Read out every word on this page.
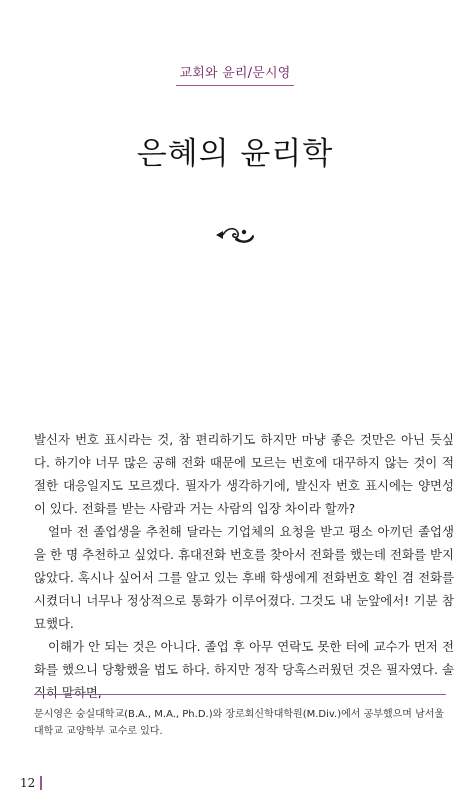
교회와 윤리/문시영
은혜의 윤리학

발신자 번호 표시라는 것, 참 편리하기도 하지만 마냥 좋은 것만은 아닌 듯싶다. 하기야 너무 많은 공해 전화 때문에 모르는 번호에 대꾸하지 않는 것이 적절한 대응일지도 모르겠다. 필자가 생각하기에, 발신자 번호 표시에는 양면성이 있다. 전화를 받는 사람과 거는 사람의 입장 차이라 할까?

얼마 전 졸업생을 추천해 달라는 기업체의 요청을 받고 평소 아끼던 졸업생을 한 명 추천하고 싶었다. 휴대전화 번호를 찾아서 전화를 했는데 전화를 받지 않았다. 혹시나 싶어서 그를 알고 있는 후배 학생에게 전화번호 확인 겸 전화를 시켰더니 너무나 정상적으로 통화가 이루어졌다. 그것도 내 눈앞에서! 기분 참 묘했다.

이해가 안 되는 것은 아니다. 졸업 후 아무 연락도 못한 터에 교수가 먼저 전화를 했으니 당황했을 법도 하다. 하지만 정작 당혹스러웠던 것은 필자였다. 솔직히 말하면,

문시영은 숭실대학교(B.A., M.A., Ph.D.)와 장로회신학대학원(M.Div.)에서 공부했으며 남서울대학교 교양학부 교수로 있다.
12
